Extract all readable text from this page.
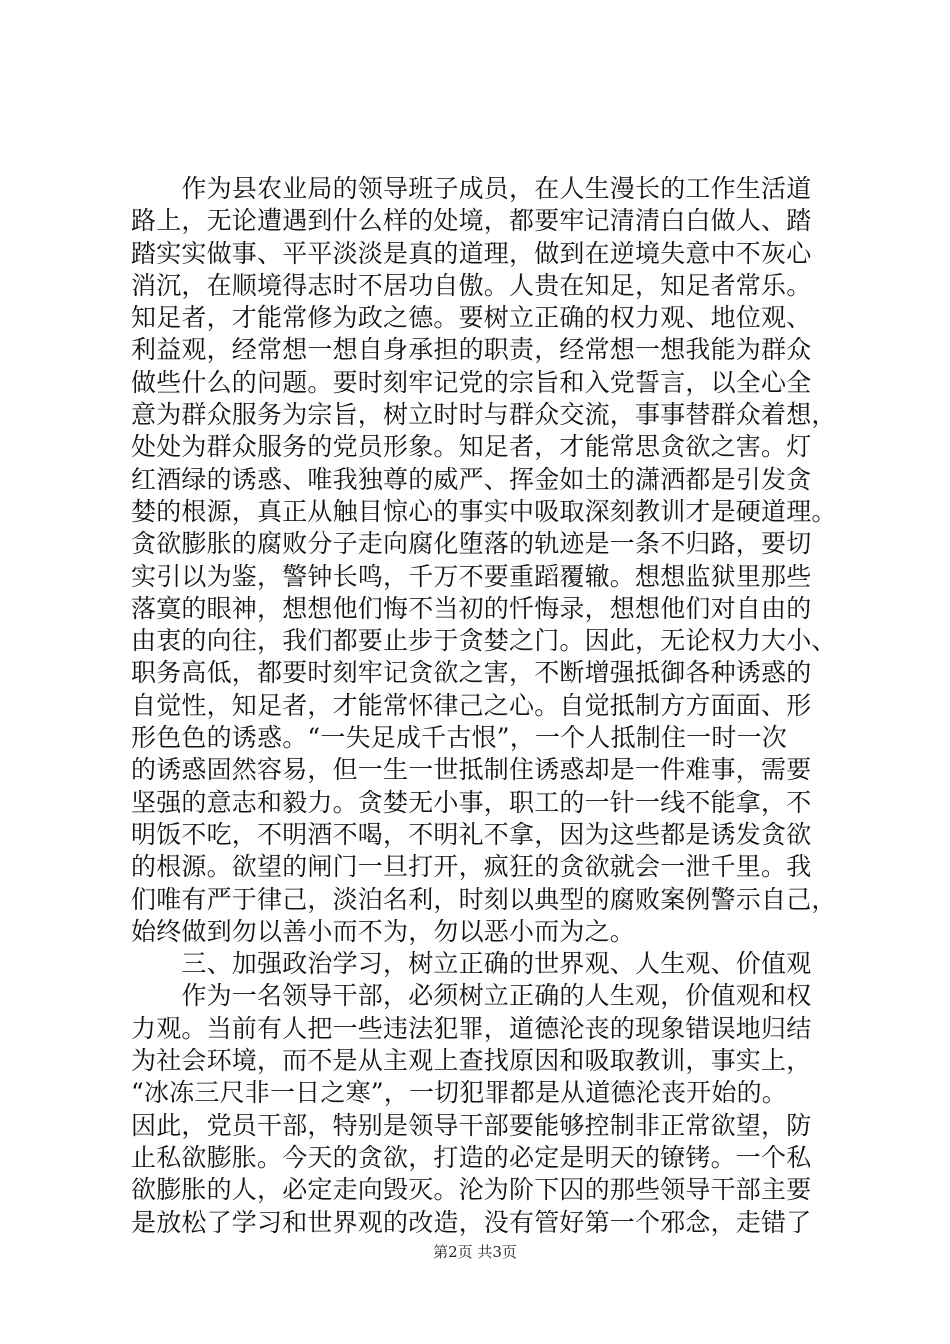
　　作为县农业局的领导班子成员，在人生漫长的工作生活道
路上，无论遭遇到什么样的处境，都要牢记清清白白做人、踏
踏实实做事、平平淡淡是真的道理，做到在逆境失意中不灰心
消沉，在顺境得志时不居功自傲。人贵在知足，知足者常乐。
知足者，才能常修为政之德。要树立正确的权力观、地位观、
利益观，经常想一想自身承担的职责，经常想一想我能为群众
做些什么的问题。要时刻牢记党的宗旨和入党誓言，以全心全
意为群众服务为宗旨，树立时时与群众交流，事事替群众着想，
处处为群众服务的党员形象。知足者，才能常思贪欲之害。灯
红酒绿的诱惑、唯我独尊的威严、挥金如土的潇洒都是引发贪
婪的根源，真正从触目惊心的事实中吸取深刻教训才是硬道理。
贪欲膨胀的腐败分子走向腐化堕落的轨迹是一条不归路，要切
实引以为鉴，警钟长鸣，千万不要重蹈覆辙。想想监狱里那些
落寞的眼神，想想他们悔不当初的忏悔录，想想他们对自由的
由衷的向往，我们都要止步于贪婪之门。因此，无论权力大小、
职务高低，都要时刻牢记贪欲之害，不断增强抵御各种诱惑的
自觉性，知足者，才能常怀律己之心。自觉抵制方方面面、形
形色色的诱惑。“一失足成千古恨”，一个人抵制住一时一次
的诱惑固然容易，但一生一世抵制住诱惑却是一件难事，需要
坚强的意志和毅力。贪婪无小事，职工的一针一线不能拿，不
明饭不吃，不明酒不喝，不明礼不拿，因为这些都是诱发贪欲
的根源。欲望的闸门一旦打开，疯狂的贪欲就会一泄千里。我
们唯有严于律己，淡泊名利，时刻以典型的腐败案例警示自己，
始终做到勿以善小而不为，勿以恶小而为之。
　　三、加强政治学习，树立正确的世界观、人生观、价值观
　　作为一名领导干部，必须树立正确的人生观，价值观和权
力观。当前有人把一些违法犯罪，道德沦丧的现象错误地归结
为社会环境，而不是从主观上查找原因和吸取教训，事实上，
“冰冻三尺非一日之寒”，一切犯罪都是从道德沦丧开始的。
因此，党员干部，特别是领导干部要能够控制非正常欲望，防
止私欲膨胀。今天的贪欲，打造的必定是明天的镣铐。一个私
欲膨胀的人，必定走向毁灭。沦为阶下囚的那些领导干部主要
是放松了学习和世界观的改造，没有管好第一个邪念，走错了
第2页 共3页
